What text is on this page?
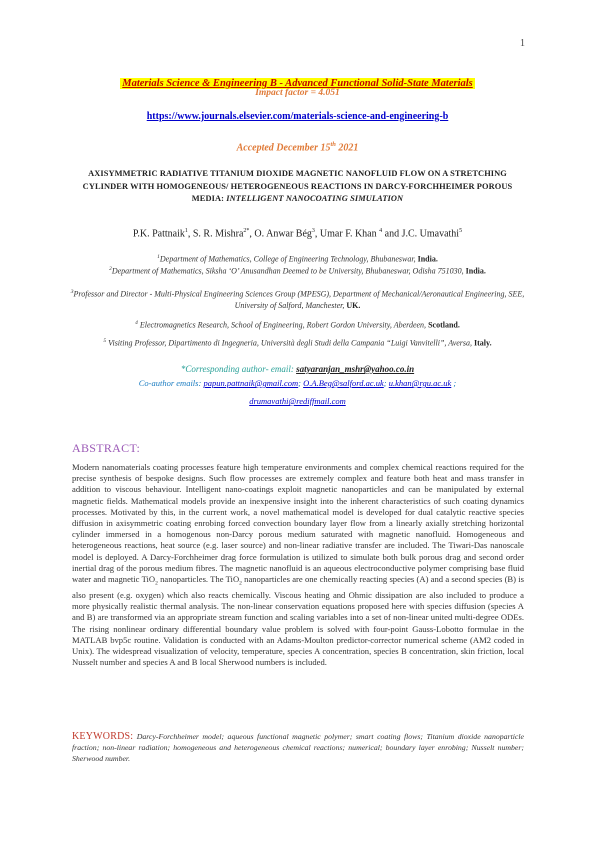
1
Materials Science & Engineering B - Advanced Functional Solid-State Materials
Impact factor = 4.051
https://www.journals.elsevier.com/materials-science-and-engineering-b
Accepted December 15th 2021
AXISYMMETRIC RADIATIVE TITANIUM DIOXIDE MAGNETIC NANOFLUID FLOW ON A STRETCHING CYLINDER WITH HOMOGENEOUS/ HETEROGENEOUS REACTIONS IN DARCY-FORCHHEIMER POROUS MEDIA: INTELLIGENT NANOCOATING SIMULATION
P.K. Pattnaik$^1$, S. R. Mishra$^{2*}$, O. Anwar Bég$^3$, Umar F. Khan $^4$ and J.C. Umavathi$^5$
$^1$Department of Mathematics, College of Engineering Technology, Bhubaneswar, India.
$^2$Department of Mathematics, Siksha ‘O’ Anusandhan Deemed to be University, Bhubaneswar, Odisha 751030, India.
$^3$Professor and Director - Multi-Physical Engineering Sciences Group (MPESG), Department of Mechanical/Aeronautical Engineering, SEE, University of Salford, Manchester, UK.
$^4$ Electromagnetics Research, School of Engineering, Robert Gordon University, Aberdeen, Scotland.
$^5$ Visiting Professor, Dipartimento di Ingegneria, Università degli Studi della Campania “Luigi Vanvitelli”, Aversa, Italy.
*Corresponding author- email: satyaranjan_mshr@yahoo.co.in
Co-author emails: papun.pattnaik@gmail.com; O.A.Beg@salford.ac.uk; u.khan@rgu.ac.uk ;
drumavathi@rediffmail.com
ABSTRACT:
Modern nanomaterials coating processes feature high temperature environments and complex chemical reactions required for the precise synthesis of bespoke designs. Such flow processes are extremely complex and feature both heat and mass transfer in addition to viscous behaviour. Intelligent nano-coatings exploit magnetic nanoparticles and can be manipulated by external magnetic fields. Mathematical models provide an inexpensive insight into the inherent characteristics of such coating dynamics processes. Motivated by this, in the current work, a novel mathematical model is developed for dual catalytic reactive species diffusion in axisymmetric coating enrobing forced convection boundary layer flow from a linearly axially stretching horizontal cylinder immersed in a homogenous non-Darcy porous medium saturated with magnetic nanofluid. Homogeneous and heterogeneous reactions, heat source (e.g. laser source) and non-linear radiative transfer are included. The Tiwari-Das nanoscale model is deployed. A Darcy-Forchheimer drag force formulation is utilized to simulate both bulk porous drag and second order inertial drag of the porous medium fibres. The magnetic nanofluid is an aqueous electroconductive polymer comprising base fluid water and magnetic TiO$_2$ nanoparticles. The TiO$_2$ nanoparticles are one chemically reacting species (A) and a second species (B) is also present (e.g. oxygen) which also reacts chemically. Viscous heating and Ohmic dissipation are also included to produce a more physically realistic thermal analysis. The non-linear conservation equations proposed here with species diffusion (species A and B) are transformed via an appropriate stream function and scaling variables into a set of non-linear united multi-degree ODEs. The rising nonlinear ordinary differential boundary value problem is solved with four-point Gauss-Lobotto formulae in the MATLAB bvp5c routine. Validation is conducted with an Adams-Moulton predictor-corrector numerical scheme (AM2 coded in Unix). The widespread visualization of velocity, temperature, species A concentration, species B concentration, skin friction, local Nusselt number and species A and B local Sherwood numbers is included.
KEYWORDS: Darcy-Forchheimer model; aqueous functional magnetic polymer; smart coating flows; Titanium dioxide nanoparticle fraction; non-linear radiation; homogeneous and heterogeneous chemical reactions; numerical; boundary layer enrobing; Nusselt number; Sherwood number.
